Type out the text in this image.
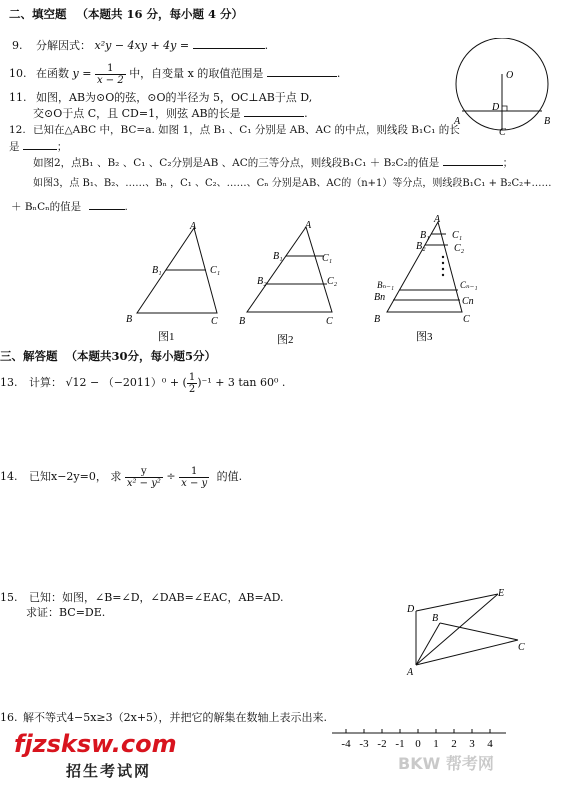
二、填空题 （本题共 16 分，每小题 4 分）
9. 分解因式： x²y − 4xy + 4y =	.
10. 在函数 $y = \frac{1}{x - 2}$ 中，自变量 x 的取值范围是	.
11. 如图，AB为⊙O的弦，⊙O的半径为 5，OC⊥AB于点 D,
交⊙O于点 C，且 CD=1，则弦 AB的长是	.
12. 已知在△ABC 中，BC=a. 如图 1，点 B₁ 、C₁ 分别是 AB、AC 的中点，则线段 B₁C₁ 的长
是	；
如图2，点B₁ 、B₂ 、C₁ 、C₂分别是AB 、AC的三等分点，则线段B₁C₁ ＋ B₂C₂的值是	；
如图3，点 B₁、B₂、……、Bₙ ，C₁ 、C₂、……、Cₙ 分别是AB、AC的（n+1）等分点，则线段B₁C₁ + B₂C₂+……
＋ BₙCₙ的值是	.
O
D
A	B
C
A
B₁	C₁
B	C
图1
A
B₁	C₁
B₂	C₂
B	C
图2
A
B₁ C₁
B₂	C₂
Bₙ₋₁	Cₙ₋₁
Bn	Cn
B	C
图3
三、解答题 （本题共30分，每小题5分）
13. 计算： √12 − （−2011）⁰ + ( $\frac{1}{2} )^{-1} + 3$ tan 60⁰ .
14. 已知x−2y=0， 求 $\frac{y}{\text{x² − y²}} \div \frac{1}{x - y}$ 的值.
15. 已知：如图，∠B=∠D，∠DAB=∠EAC，AB=AD.
求证：BC=DE.	D
E
B
C
A
16. 解不等式4−5x≥3（2x+5），并把它的解集在数轴上表示出来.
-4 -3 -2 -1 0 1 2 3 4
fjzsksw.com
招生考试网	BKW 帮考网
